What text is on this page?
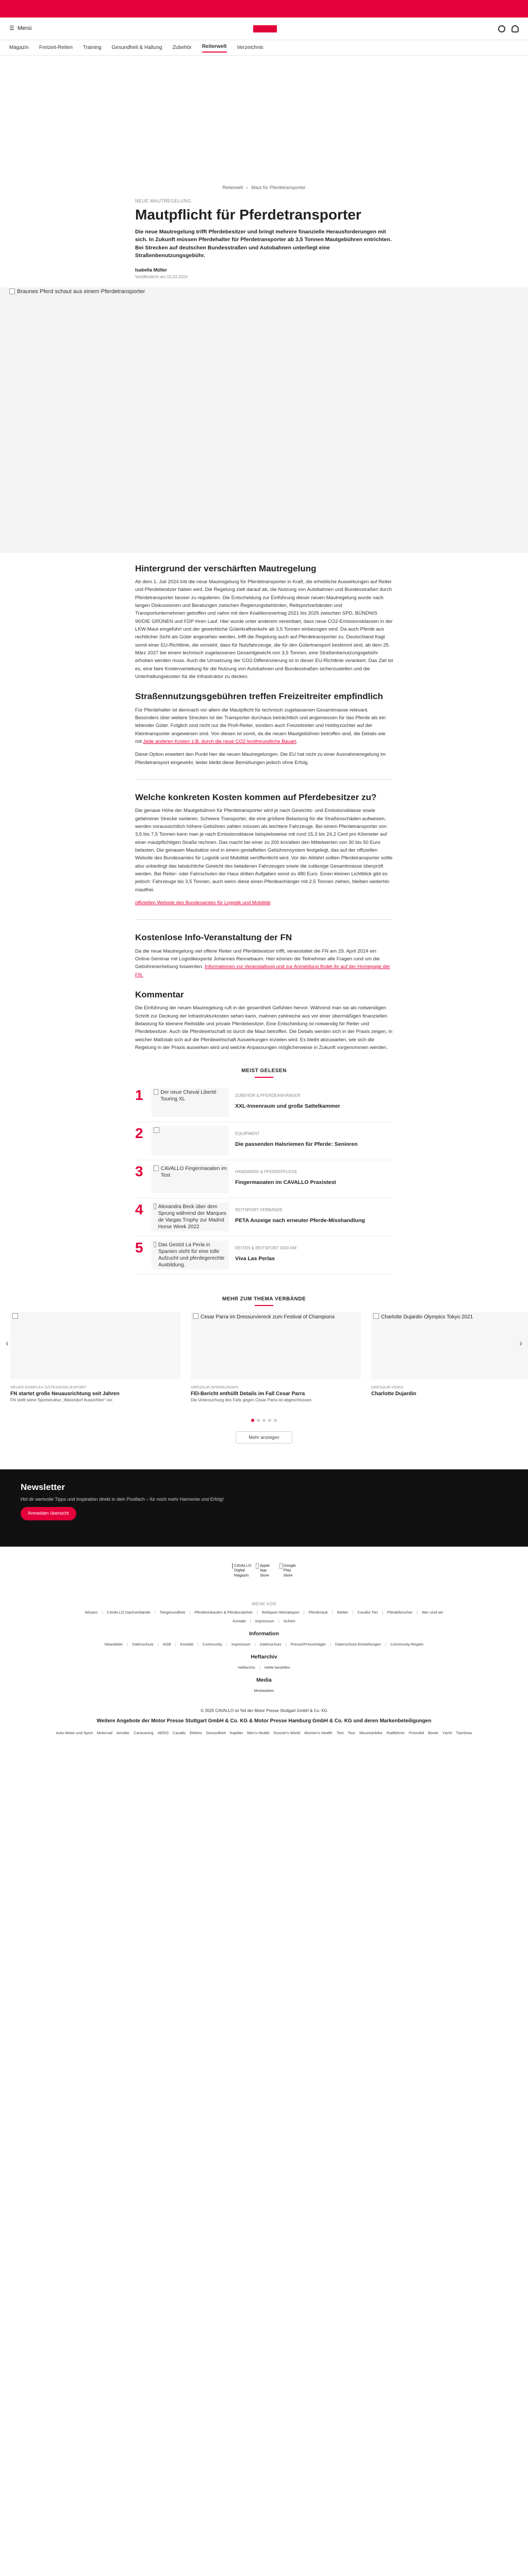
☰ Menü
Magazin Freizeit-Reiten Training Gesundheit & Haltung Zubehör Reiterwelt Verzeichnis
Reiterwelt › Maut für Pferdetransporter
NEUE MAUTREGELUNG
Mautpflicht für Pferdetransporter
Die neue Mautregelung trifft Pferdebesitzer und bringt mehrere finanzielle Herausforderungen mit sich. In Zukunft müssen Pferdehalter für Pferdetransporter ab 3,5 Tonnen Mautgebühren entrichten. Bei Strecken auf deutschen Bundesstraßen und Autobahnen unterliegt eine Straßenbenutzungsgebühr.
Isabella Müller
Veröffentlicht am 15.03.2024
Braunes Pferd schaut aus einem Pferdetransporter
Hintergrund der verschärften Mautregelung

Ab dem 1. Juli 2024 tritt die neue Mautregelung für Pferdetransporter in Kraft, die erhebliche Auswirkungen auf Reiter und Pferdebesitzer haben wird. Die Regelung zielt darauf ab, die Nutzung von Autobahnen und Bundesstraßen durch Pferdetransporter besser zu regulieren. Die Entscheidung zur Einführung dieser neuen Mautregelung wurde nach langen Diskussionen und Beratungen zwischen Regierungsbehörden, Reitsportverbänden und Transportunternehmen getroffen und nahm mit dem Koalitionsvertrag 2021 bis 2025 zwischen SPD, BÜNDNIS 90/DIE GRÜNEN und FDP ihren Lauf. Hier wurde unter anderem vereinbart, dass neue CO2-Emissionsklassen in der LKW-Maut eingeführt und der gewerbliche Güterkraftverkehr ab 3,5 Tonnen einbezogen wird. Da auch Pferde aus rechtlicher Sicht als Güter angesehen werden, trifft die Regelung auch auf Pferdetransporter zu. Deutschland fragt somit einer EU-Richtlinie, die vorsieht, dass für Nutzfahrzeuge, die für den Gütertransport bestimmt sind, ab dem 25. März 2027 bei einem technisch zugelassenen Gesamtgewicht von 3,5 Tonnen, eine Straßenbenutzungsgebühr erhoben werden muss. Auch die Umsetzung der CO2-Differenzierung ist in dieser EU-Richtlinie verankert. Das Ziel ist es, eine faire Kostenverteilung für die Nutzung von Autobahnen und Bundesstraßen sicherzustellen und die Unterhaltungskosten für die Infrastruktur zu decken.

Straßennutzungsgebühren treffen Freizeitreiter empfindlich

Für Pferdehalter ist demnach vor allem die Mautpflicht für technisch zugelassenen Gesamtmasse relevant. Besonders über weitere Strecken ist der Transporter durchaus beträchtlich und angemessen für das Pferde als ein lebender Güter. Folglich sind nicht nur die Profi-Reiter, sondern auch Freizeitreiter und Hobbyzüchter auf der Kleintransporter angewiesen sind. Von diesen ist somit, da die neuen Mautgebühren betroffen sind, die Details wie mit Jede anderen Kosten z.B. durch die neue CO2 kostfreundliche Bauart.

Diese Option erweitert den Punkt hier die neuen Mautregelungen. Die EU hat nicht zu einer Ausnahmeregelung im Pferdetransport eingewirkt, leider bleibt diese Bemühungen jedoch ohne Erfolg.

Welche konkreten Kosten kommen auf Pferdebesitzer zu?

Die genaue Höhe der Mautgebühren für Pferdetransporter wird je nach Gewichts- und Emissionsklasse sowie gefahrener Strecke variieren. Schwere Transporter, die eine größere Belastung für die Straßenschäden aufweisen, werden voraussichtlich höhere Gebühren zahlen müssen als leichtere Fahrzeuge. Bei einem Pferdetransporter von 3,5 bis 7,5 Tonnen kann man je nach Emissionsklasse beispielsweise mit rund 15,3 bis 24,2 Cent pro Kilometer auf einer mautpflichtigen Straße rechnen. Das macht bei einer zu 200 km/allein den Mittelwerten von 30 bis 50 Euro belasten. Die genauen Mautsätze sind in einem gestaffelten Gebührensystem festgelegt, das auf der offiziellen Website des Bundesamtes für Logistik und Mobilität veröffentlicht wird. Vor der Abfahrt sollten Pferdetransporter sollte also unbedingt das tatsächliche Gewicht des beladenen Fahrzeuges sowie die zulässige Gesamtmasse überprüft werden. Bei Reiter- oder Fahrschulen der Haus dritten Aufgaben sonst zu 480 Euro. Einen kleinen Lichtblick gibt es jedoch: Fahrzeuge bis 3,5 Tonnen, auch wenn diese einen Pferdeanhänger mit 2,5 Tonnen ziehen, bleiben weiterhin mautfrei.

offiziellen Website des Bundesamtes für Logistik und Mobilität

Kostenlose Info-Veranstaltung der FN

Da die neue Mautregelung viel offene Reiter und Pferdebesitzer trifft, veranstaltet die FN am 29. April 2024 ein Online-Seminar mit Logistikexperte Johannes Rennebaum. Hier können die Teilnehmer alle Fragen rund um die Gebührenerhebung loswerden. Informationen zur Veranstaltung und zur Anmeldung findet ihr auf der Homepage der FN.

Kommentar

Die Einführung der neuen Mautregelung ruft in der gesamtheit Gefühlen hervor. Während man sie als notwendigen Schritt zur Deckung der Infrastrukturkosten sehen kann, mahnen zahlreiche aus vor einer übermäßigen finanziellen Belastung für kleinere Reitställe und private Pferdebesitzer. Eine Entscheidung ist notwendig für Reiter und Pferdebesitzer. Auch die Pferdewirtschaft ist durch die Maut betroffen. Die Details werden sich in der Praxis zeigen, in welcher Maßstab sich auf die Pferdewirtschaft Auswirkungen erzielen wird. Es bleibt abzuwarten, wie sich die Regelung in der Praxis auswirken wird und welche Anpassungen möglicherweise in Zukunft vorgenommen werden.

MEIST GELESEN
1	Der neue Cheval Liberté Touring XL
ZUBEHÖR & PFERDEANHÄNGER
XXL-Innenraum und große Sattelkammer
2	EQUIPMENT
Die passenden Halsriemen für Pferde: Senioren
3	CAVALLO Fingermaoaten im Test
HANDWERK & PFERDEPFLEGE
Fingermaoaten im CAVALLO Praxistest
4	Alexandra Beck über dem Sprung während der Marques de Vargas Trophy zur Madrid Horse Week 2022
REITSPORT-VERBÄNDE
PETA Anzeige nach erneuter Pferde-Misshandlung
5	Das Gestüt La Perla in Spanien steht für eine tolle Aufzucht und pferdegerechte Ausbildung.
REITEN & REITSPORT 5000 KM
Viva Las Perlas
MEHR ZUM THEMA VERBÄNDE
Cesar Parra im Dressurviereck zum Festival of Champions	Charlotte Dujardin Olympics Tokyo 2021
‹	›
NEUER KOMPLEX GÜTESIEGEL/EXPORT
FN startet große Neuausrichtung seit Jahren
FN stellt seine Sportstruktur „Warendorf Aussichten“ vor.
DRESSUR-SPERRUNGEN
FEI-Bericht enthüllt Details im Fall Cesar Parra
Die Untersuchung des Falls gegen Cesar Parra ist abgeschlossen.
DRESSUR-VIDEO
Charlotte Dujardin
Mehr anzeigen
Newsletter

Hol dir wertvolle Tipps und Inspiration direkt in dein Postfach – für noch mehr Harmonie und Erfolg!

Anmelden übersicht
CAVALLO Digital Magazin
Apple App Store
Google Play Store
MEHR VON
Wissen | CAVALLO Dachverbände | Tiergesundheit | Pferdeeinkaufen & Pferdezubehör | Reitsport Heimatsport | Pferderaub | Wetter | Cavallo Tier | Pferdeforscher | Wer sind wir
Kontakt | Impressum | Schein
Information
Newsletter | Datenschutz | AGB | Kontakt | Community | Impressum | Datenschutz | Presse/Presseträger | Datenschutz-Einstellungen | Community-Regeln
Heftarchiv
Heftarchiv | Hefte bestellen
Media
Mediadaten
© 2025 CAVALLO ist Teil der Motor Presse Stuttgart GmbH & Co. KG
Weitere Angebote der Motor Presse Stuttgart GmbH & Co. KG & Motor Presse Hamburg GmbH & Co. KG und deren Markenbeteiligungen
Auto Motor und Sport Motorrad Aerobic Caravaning AERO Cavallo Elektro Gesundheit Kapitän Men's Health Runner's World Women's Health Test Tour Mountainbike Radfahren Promobil Boote Yacht TwoSeas
